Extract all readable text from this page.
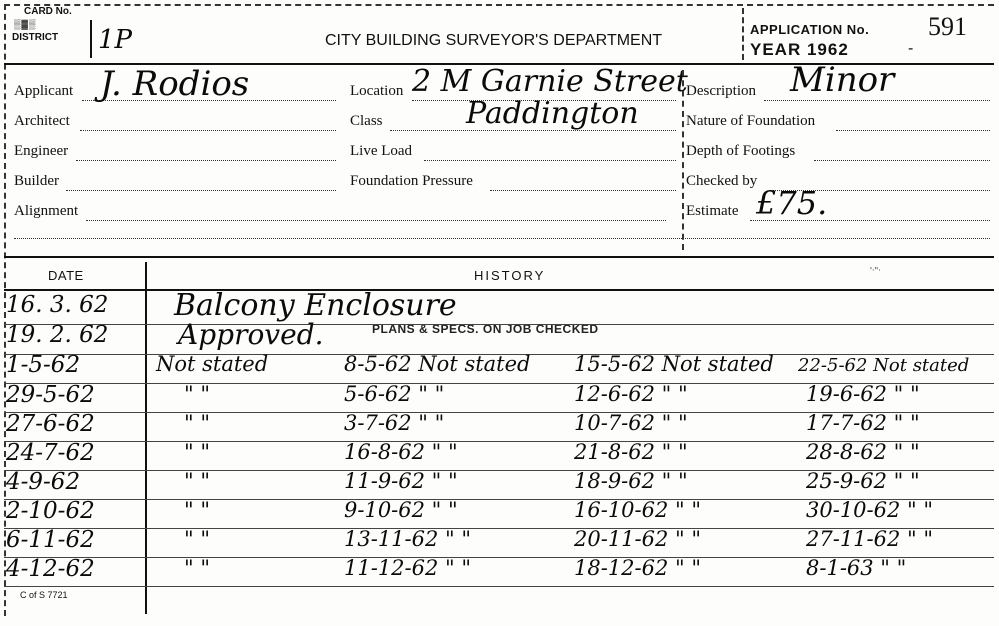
CARD No.
▒▓▒
DISTRICT 1P	CITY BUILDING SURVEYOR'S DEPARTMENT
APPLICATION No.
YEAR 1962
591
-
Applicant J. Rodios
Architect
Engineer
Builder
Alignment
Location 2 M Garnie Street
Class	Paddington
Live Load
Foundation Pressure
Description Minor
Nature of Foundation
Depth of Footings
Checked by
Estimate £75.
DATE	HISTORY	'ᐧ"ᐧ
PLANS & SPECS. ON JOB CHECKED
16. 3. 62	Balcony Enclosure
19. 2. 62	Approved.
1-5-62	Not stated	8-5-62 Not stated 15-5-62 Not stated 22-5-62 Not stated
29-5-62	" "	5-6-62 " "	12-6-62 " "	19-6-62 " "
27-6-62	" "	3-7-62 " "	10-7-62 " "	17-7-62 " "
24-7-62	" "	16-8-62 " "	21-8-62 " "	28-8-62 " "
4-9-62	" "	11-9-62 " "	18-9-62 " "	25-9-62 " "
2-10-62	" "	9-10-62 " "	16-10-62 " "	30-10-62 " "
6-11-62	" "	13-11-62 " "	20-11-62 " "	27-11-62 " "
4-12-62	" "	11-12-62 " "	18-12-62 " "	8-1-63 " "
C of S 7721
